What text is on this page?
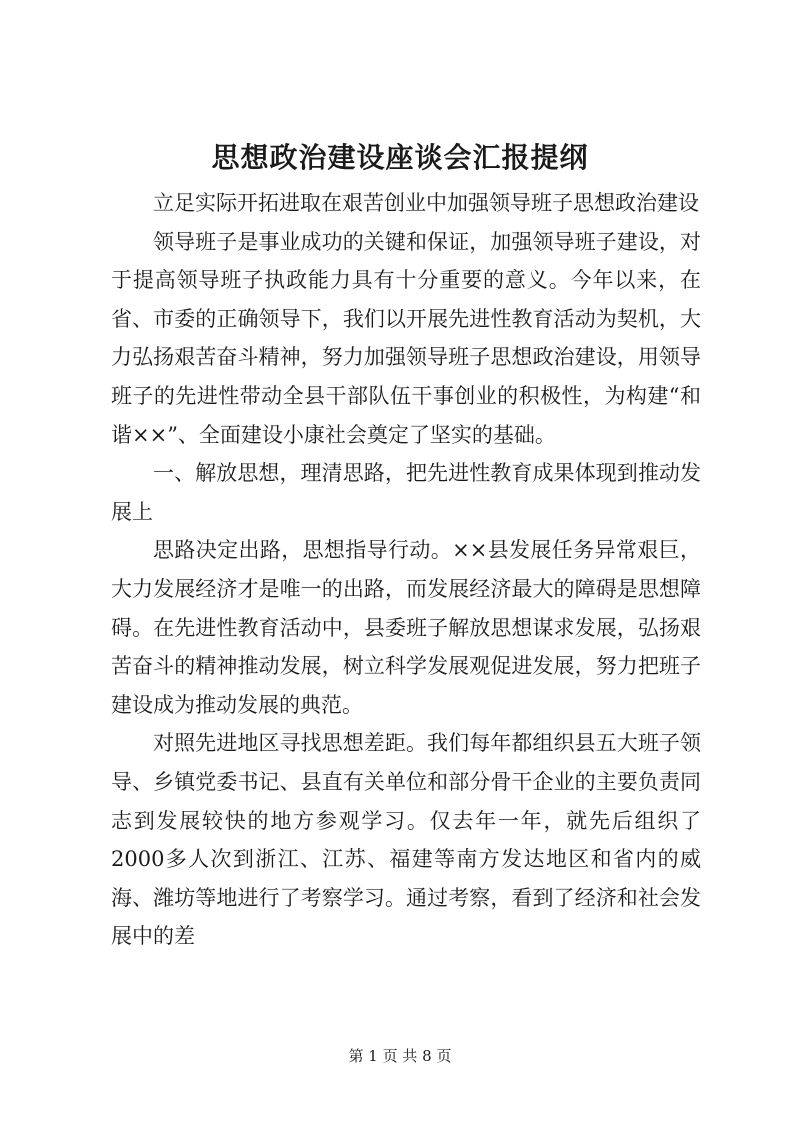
思想政治建设座谈会汇报提纲

立足实际开拓进取在艰苦创业中加强领导班子思想政治建设

领导班子是事业成功的关键和保证，加强领导班子建设，对于提高领导班子执政能力具有十分重要的意义。今年以来，在省、市委的正确领导下，我们以开展先进性教育活动为契机，大力弘扬艰苦奋斗精神，努力加强领导班子思想政治建设，用领导班子的先进性带动全县干部队伍干事创业的积极性，为构建“和谐××”、全面建设小康社会奠定了坚实的基础。

一、解放思想，理清思路，把先进性教育成果体现到推动发展上

思路决定出路，思想指导行动。××县发展任务异常艰巨，大力发展经济才是唯一的出路，而发展经济最大的障碍是思想障碍。在先进性教育活动中，县委班子解放思想谋求发展，弘扬艰苦奋斗的精神推动发展，树立科学发展观促进发展，努力把班子建设成为推动发展的典范。

对照先进地区寻找思想差距。我们每年都组织县五大班子领导、乡镇党委书记、县直有关单位和部分骨干企业的主要负责同志到发展较快的地方参观学习。仅去年一年，就先后组织了2000多人次到浙江、江苏、福建等南方发达地区和省内的威海、潍坊等地进行了考察学习。通过考察，看到了经济和社会发展中的差

第 1 页 共 8 页
